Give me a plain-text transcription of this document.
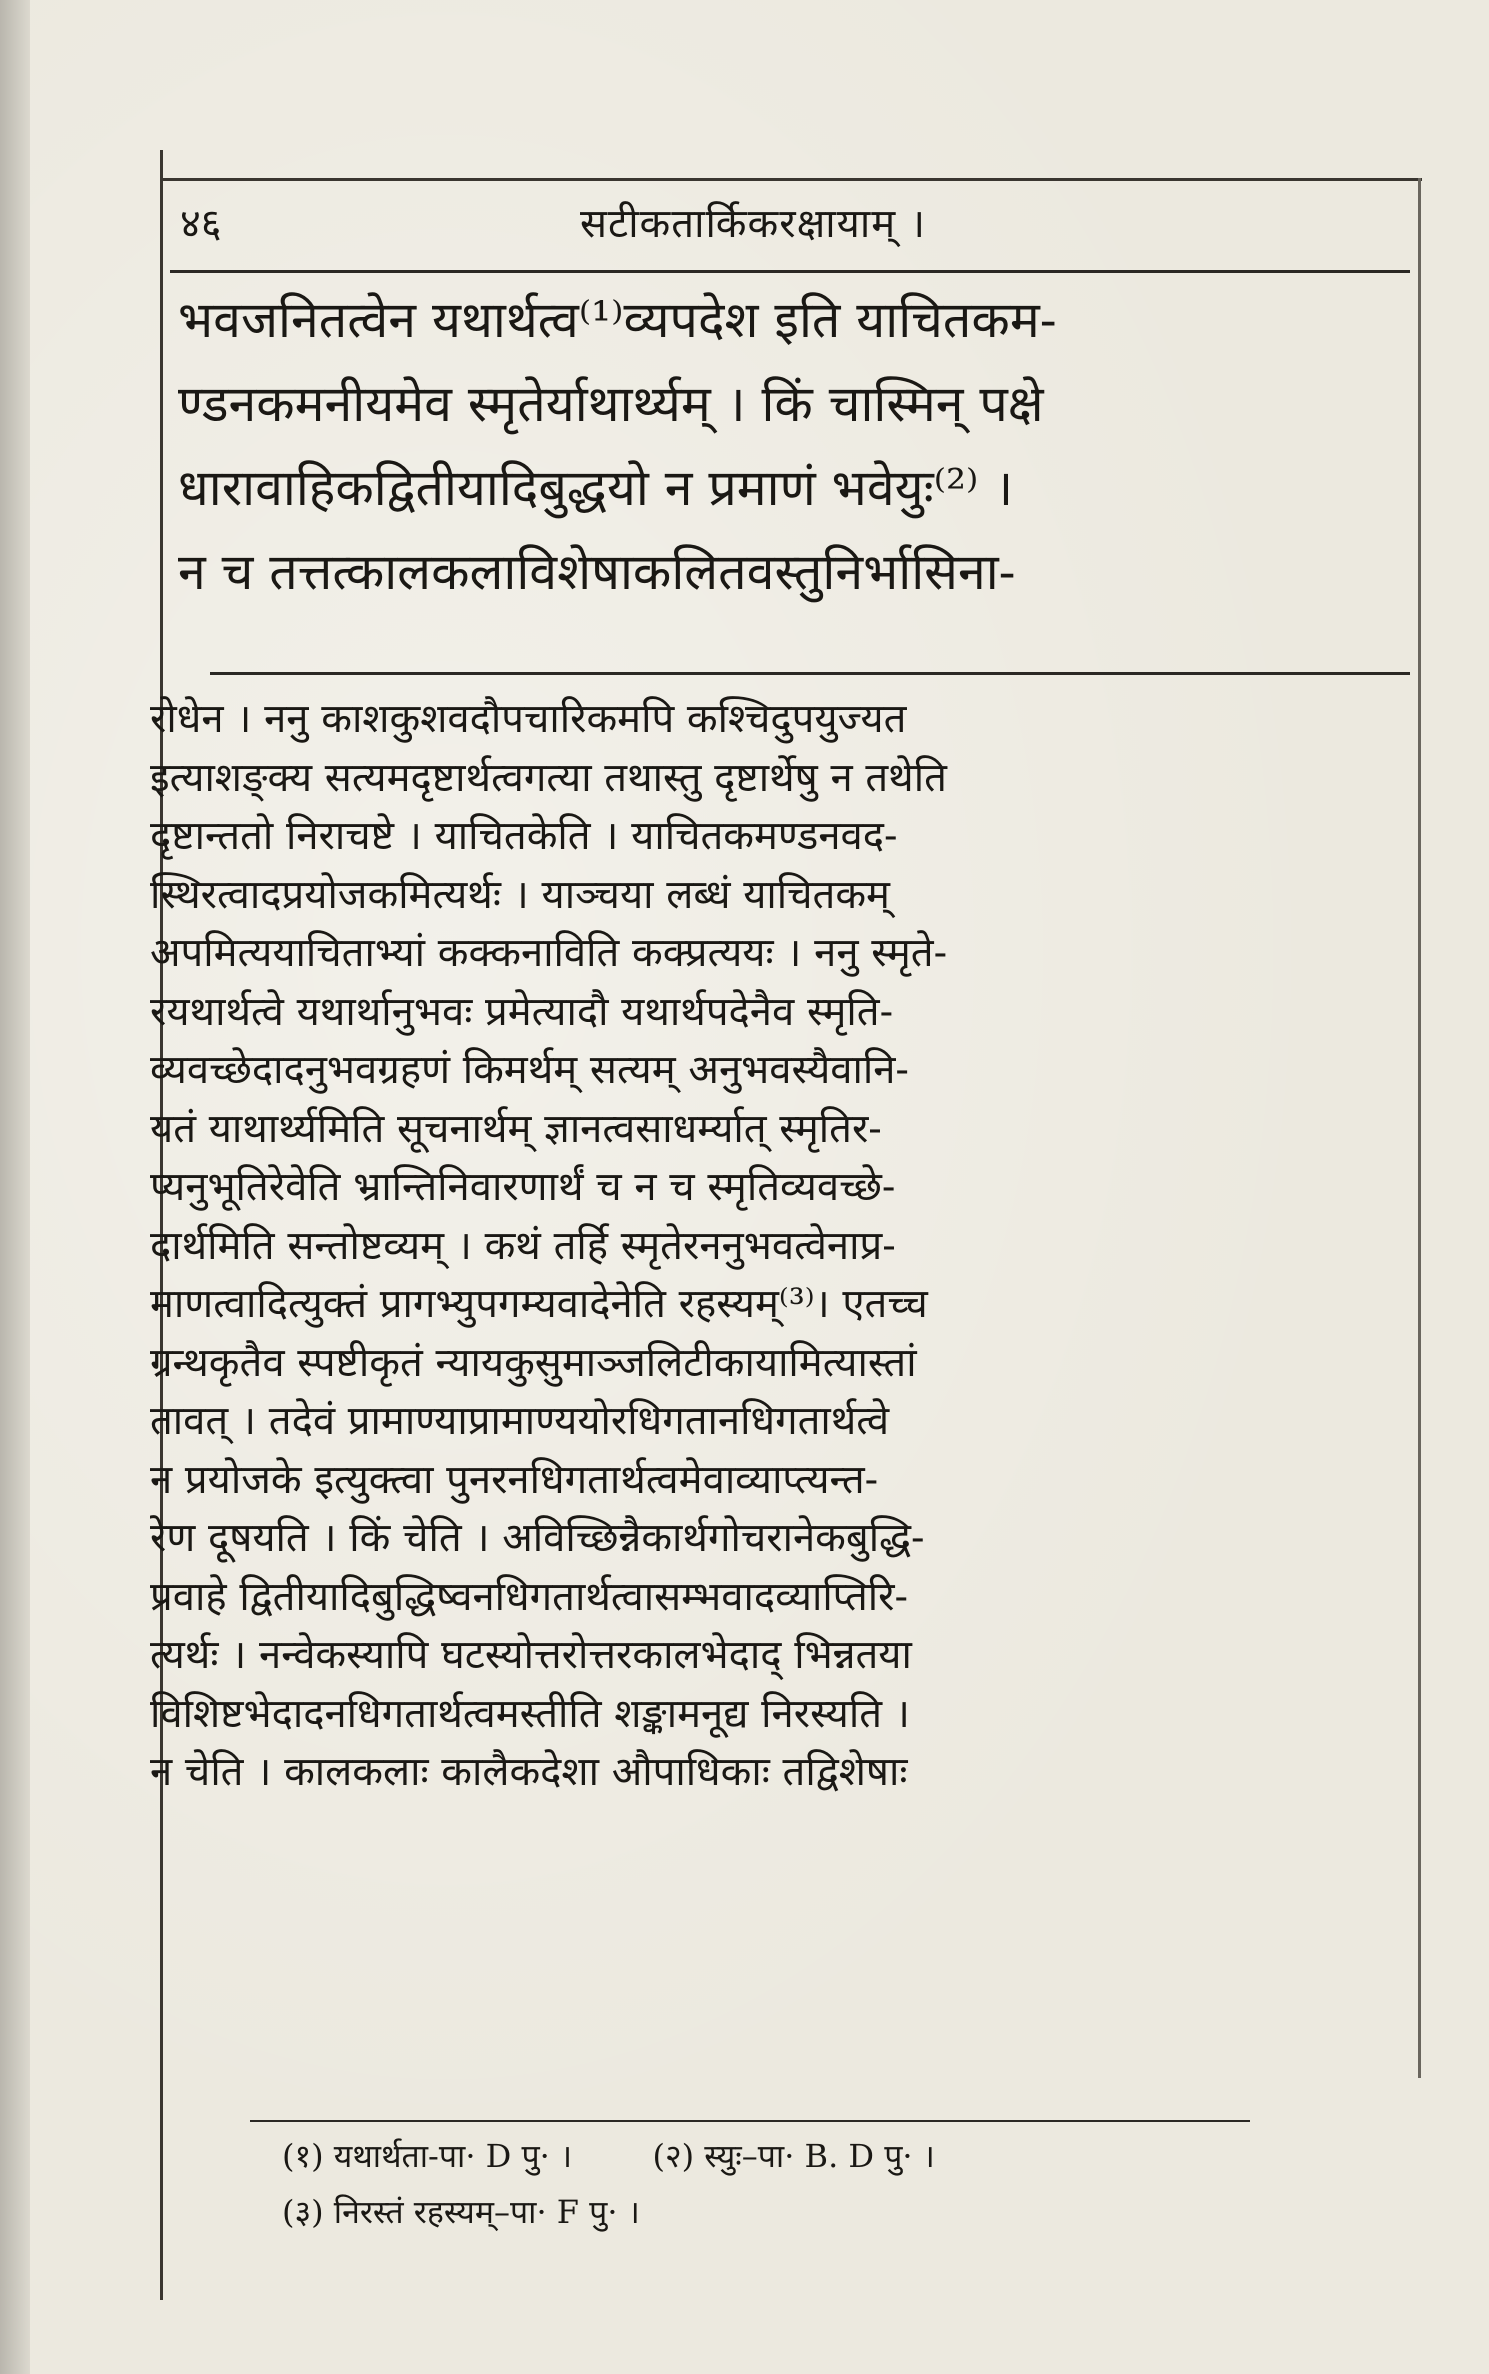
४६	सटीकतार्किकरक्षायाम् ।
भवजनितत्वेन यथार्थत्व⁽¹⁾व्यपदेश इति याचितकम-
ण्डनकमनीयमेव स्मृतेर्याथार्थ्यम् । किं चास्मिन् पक्षे
धारावाहिकद्वितीयादिबुद्धयो न प्रमाणं भवेयुः⁽²⁾ ।
न च तत्तत्कालकलाविशेषाकलितवस्तुनिर्भासिना-
रोधेन । ननु काशकुशवदौपचारिकमपि कश्चिदुपयुज्यत
इत्याशङ्क्य सत्यमदृष्टार्थत्वगत्या तथास्तु दृष्टार्थेषु न तथेति
दृष्टान्ततो निराचष्टे । याचितकेति । याचितकमण्डनवद-
स्थिरत्वादप्रयोजकमित्यर्थः । याञ्चया लब्धं याचितकम्
अपमित्ययाचिताभ्यां कक्कनाविति कक्प्रत्ययः । ननु स्मृते-
रयथार्थत्वे यथार्थानुभवः प्रमेत्यादौ यथार्थपदेनैव स्मृति-
व्यवच्छेदादनुभवग्रहणं किमर्थम् सत्यम् अनुभवस्यैवानि-
यतं याथार्थ्यमिति सूचनार्थम् ज्ञानत्वसाधर्म्यात् स्मृतिर-
प्यनुभूतिरेवेति भ्रान्तिनिवारणार्थं च न च स्मृतिव्यवच्छे-
दार्थमिति सन्तोष्टव्यम् । कथं तर्हि स्मृतेरननुभवत्वेनाप्र-
माणत्वादित्युक्तं प्रागभ्युपगम्यवादेनेति रहस्यम्⁽³⁾। एतच्च
ग्रन्थकृतैव स्पष्टीकृतं न्यायकुसुमाञ्जलिटीकायामित्यास्तां
तावत् । तदेवं प्रामाण्याप्रामाण्ययोरधिगतानधिगतार्थत्वे
न प्रयोजके इत्युक्त्वा पुनरनधिगतार्थत्वमेवाव्याप्त्यन्त-
रेण दूषयति । किं चेति । अविच्छिन्नैकार्थगोचरानेकबुद्धि-
प्रवाहे द्वितीयादिबुद्धिष्वनधिगतार्थत्वासम्भवादव्याप्तिरि-
त्यर्थः । नन्वेकस्यापि घटस्योत्तरोत्तरकालभेदाद् भिन्नतया
विशिष्टभेदादनधिगतार्थत्वमस्तीति शङ्कामनूद्य निरस्यति ।
न चेति । कालकलाः कालैकदेशा औपाधिकाः तद्विशेषाः
(१) यथार्थता-पा· D पु· ।	(२) स्युः–पा· B. D पु· ।
(३) निरस्तं रहस्यम्–पा· F पु· ।
